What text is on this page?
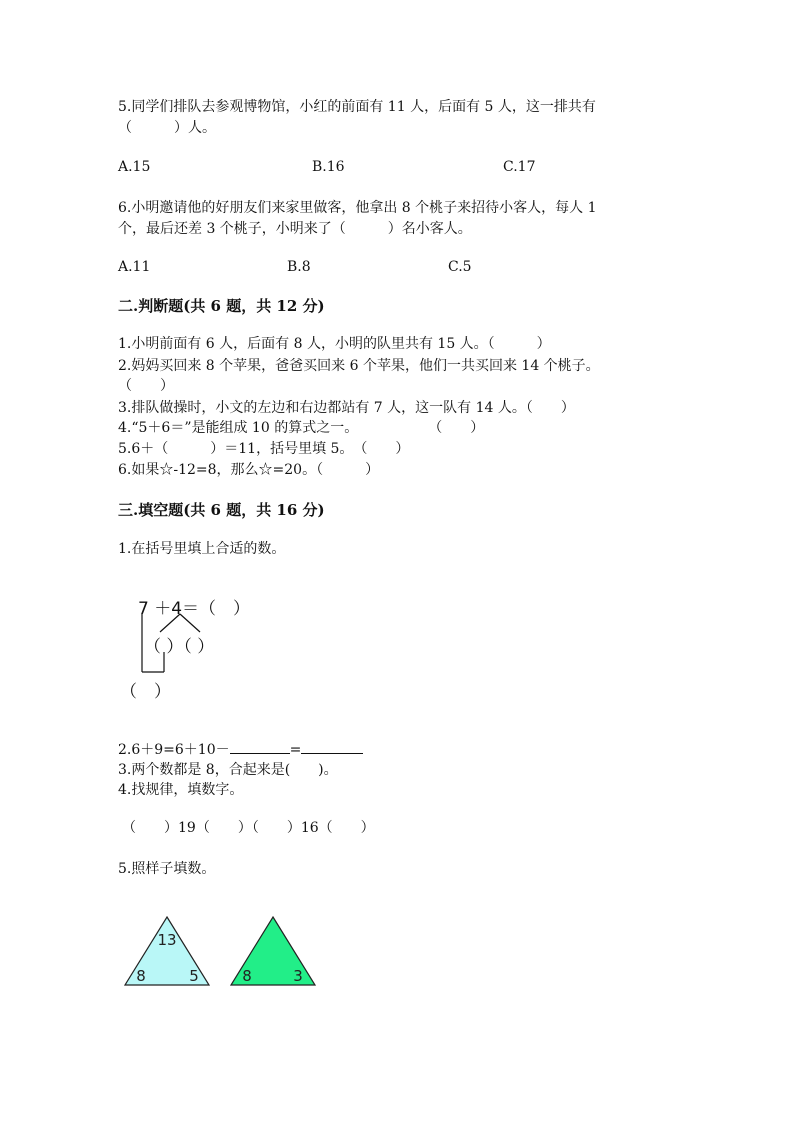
5.同学们排队去参观博物馆，小红的前面有 11 人，后面有 5 人，这一排共有
（　　　）人。
A.15	B.16	C.17
6.小明邀请他的好朋友们来家里做客，他拿出 8 个桃子来招待小客人，每人 1
个，最后还差 3 个桃子，小明来了（　　　）名小客人。
A.11	B.8	C.5
二.判断题(共 6 题，共 12 分)
1.小明前面有 6 人，后面有 8 人，小明的队里共有 15 人。（　　　）
2.妈妈买回来 8 个苹果，爸爸买回来 6 个苹果，他们一共买回来 14 个桃子。
（　　）
3.排队做操时，小文的左边和右边都站有 7 人，这一队有 14 人。（　　）
4.“5＋6＝”是能组成 10 的算式之一。　　　　　　（　　）
5.6＋（　　　）＝11，括号里填 5。　（　　）
6.如果☆-12=8，那么☆=20。（　　　）
三.填空题(共 6 题，共 16 分)
1.在括号里填上合适的数。
7 ＋4＝（　）
（ ）（ ）
（　）
2.6＋9=6＋10－	=
3.两个数都是 8，合起来是(　　)。
4.找规律，填数字。
（　　）19（　　）（　　）16（　　）
5.照样子填数。
13
8	5	8	3
